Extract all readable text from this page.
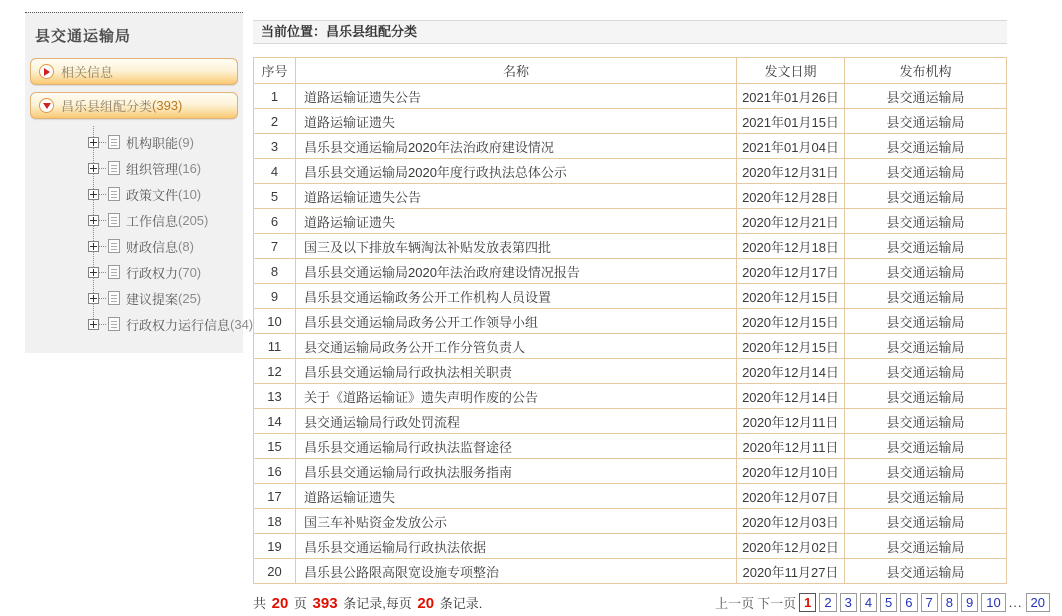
县交通运输局
相关信息
昌乐县组配分类 (393)
机构职能 (9)
组织管理 (16)
政策文件 (10)
工作信息 (205)
财政信息 (8)
行政权力 (70)
建议提案 (25)
行政权力运行信息 (34)
当前位置：昌乐县组配分类
序号	名称	发文日期	发布机构
1	道路运输证遗失公告	2021年01月26日	县交通运输局
2	道路运输证遗失	2021年01月15日	县交通运输局
3	昌乐县交通运输局2020年法治政府建设情况	2021年01月04日	县交通运输局
4	昌乐县交通运输局2020年度行政执法总体公示	2020年12月31日	县交通运输局
5	道路运输证遗失公告	2020年12月28日	县交通运输局
6	道路运输证遗失	2020年12月21日	县交通运输局
7	国三及以下排放车辆淘汰补贴发放表第四批	2020年12月18日	县交通运输局
8	昌乐县交通运输局2020年法治政府建设情况报告	2020年12月17日	县交通运输局
9	昌乐县交通运输政务公开工作机构人员设置	2020年12月15日	县交通运输局
10	昌乐县交通运输局政务公开工作领导小组	2020年12月15日	县交通运输局
11	县交通运输局政务公开工作分管负责人	2020年12月15日	县交通运输局
12	昌乐县交通运输局行政执法相关职责	2020年12月14日	县交通运输局
13	关于《道路运输证》遗失声明作废的公告	2020年12月14日	县交通运输局
14	县交通运输局行政处罚流程	2020年12月11日	县交通运输局
15	昌乐县交通运输局行政执法监督途径	2020年12月11日	县交通运输局
16	昌乐县交通运输局行政执法服务指南	2020年12月10日	县交通运输局
17	道路运输证遗失	2020年12月07日	县交通运输局
18	国三车补贴资金发放公示	2020年12月03日	县交通运输局
19	昌乐县交通运输局行政执法依据	2020年12月02日	县交通运输局
20	昌乐县公路限高限宽设施专项整治	2020年11月27日	县交通运输局
共 20 页 393 条记录,每页 20 条记录.	上一页 下一页 1	2	3	4	5	6	7	8	9	10 ... 20
